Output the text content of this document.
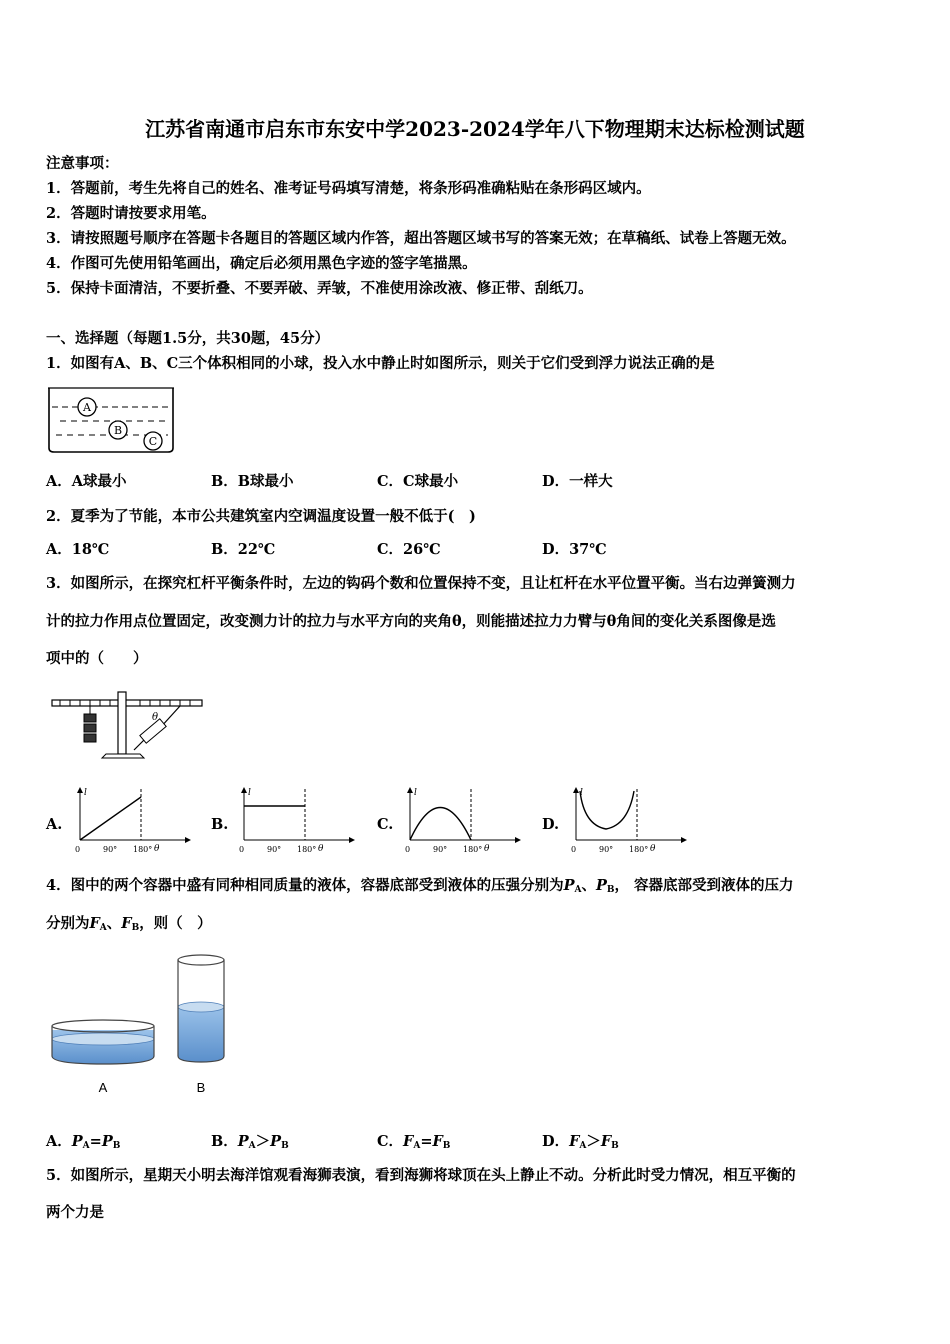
江苏省南通市启东市东安中学2023-2024学年八下物理期末达标检测试题
注意事项：
1．答题前，考生先将自己的姓名、准考证号码填写清楚，将条形码准确粘贴在条形码区域内。
2．答题时请按要求用笔。
3．请按照题号顺序在答题卡各题目的答题区域内作答，超出答题区域书写的答案无效；在草稿纸、试卷上答题无效。
4．作图可先使用铅笔画出，确定后必须用黑色字迹的签字笔描黑。
5．保持卡面清洁，不要折叠、不要弄破、弄皱，不准使用涂改液、修正带、刮纸刀。
一、选择题（每题1.5分，共30题，45分）
1．如图有A、B、C三个体积相同的小球，投入水中静止时如图所示，则关于它们受到浮力说法正确的是
A
B
C
A．A球最小	B．B球最小	C．C球最小	D．一样大
2．夏季为了节能，本市公共建筑室内空调温度设置一般不低于(　)
A．18℃	B．22℃	C．26℃	D．37℃
3．如图所示，在探究杠杆平衡条件时，左边的钩码个数和位置保持不变，且让杠杆在水平位置平衡。当右边弹簧测力
计的拉力作用点位置固定，改变测力计的拉力与水平方向的夹角θ，则能描述拉力力臂与θ角间的变化关系图像是选
项中的（　　）
θ
A.
l
0	90° 180° θ
B.
l
0	90° 180° θ
C.
l
0	90° 180° θ
D.
l
0	90° 180° θ
4．图中的两个容器中盛有同种相同质量的液体，容器底部受到液体的压强分别为$P_A$、$P_B$， 容器底部受到液体的压力
分别为$F_A$、$F_B$，则（　）
A	B
A．$P_A=P_B$	B．$P_A>P_B$	C．$F_A=F_B$	D．$F_A>F_B$
5．如图所示，星期天小明去海洋馆观看海狮表演，看到海狮将球顶在头上静止不动。分析此时受力情况，相互平衡的
两个力是
